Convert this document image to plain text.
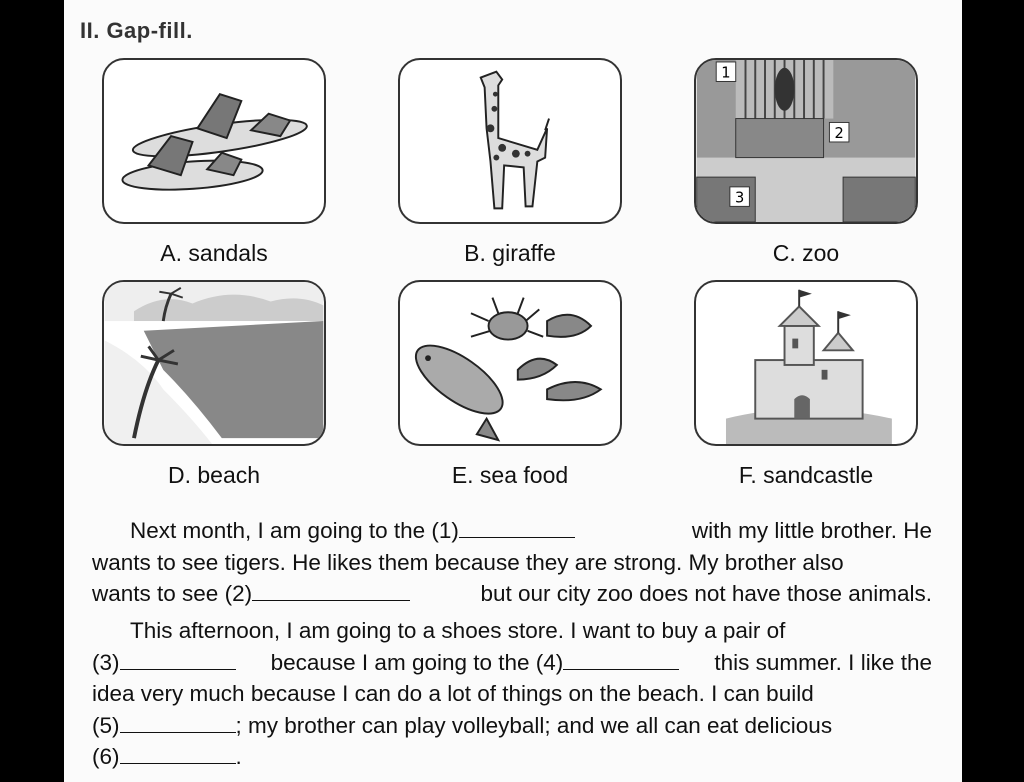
II. Gap-fill.
1
2
3
A. sandals	B. giraffe	C. zoo
D. beach	E. sea food	F. sandcastle
Next month, I am going to the (1)	with my little brother. He
wants to see tigers. He likes them because they are strong. My brother also
wants to see (2)	but our city zoo does not have those animals.
This afternoon, I am going to a shoes store. I want to buy a pair of
(3)	because I am going to the (4)	this summer. I like the
idea very much because I can do a lot of things on the beach. I can build
(5)	; my brother can play volleyball; and we all can eat delicious
(6)	.
